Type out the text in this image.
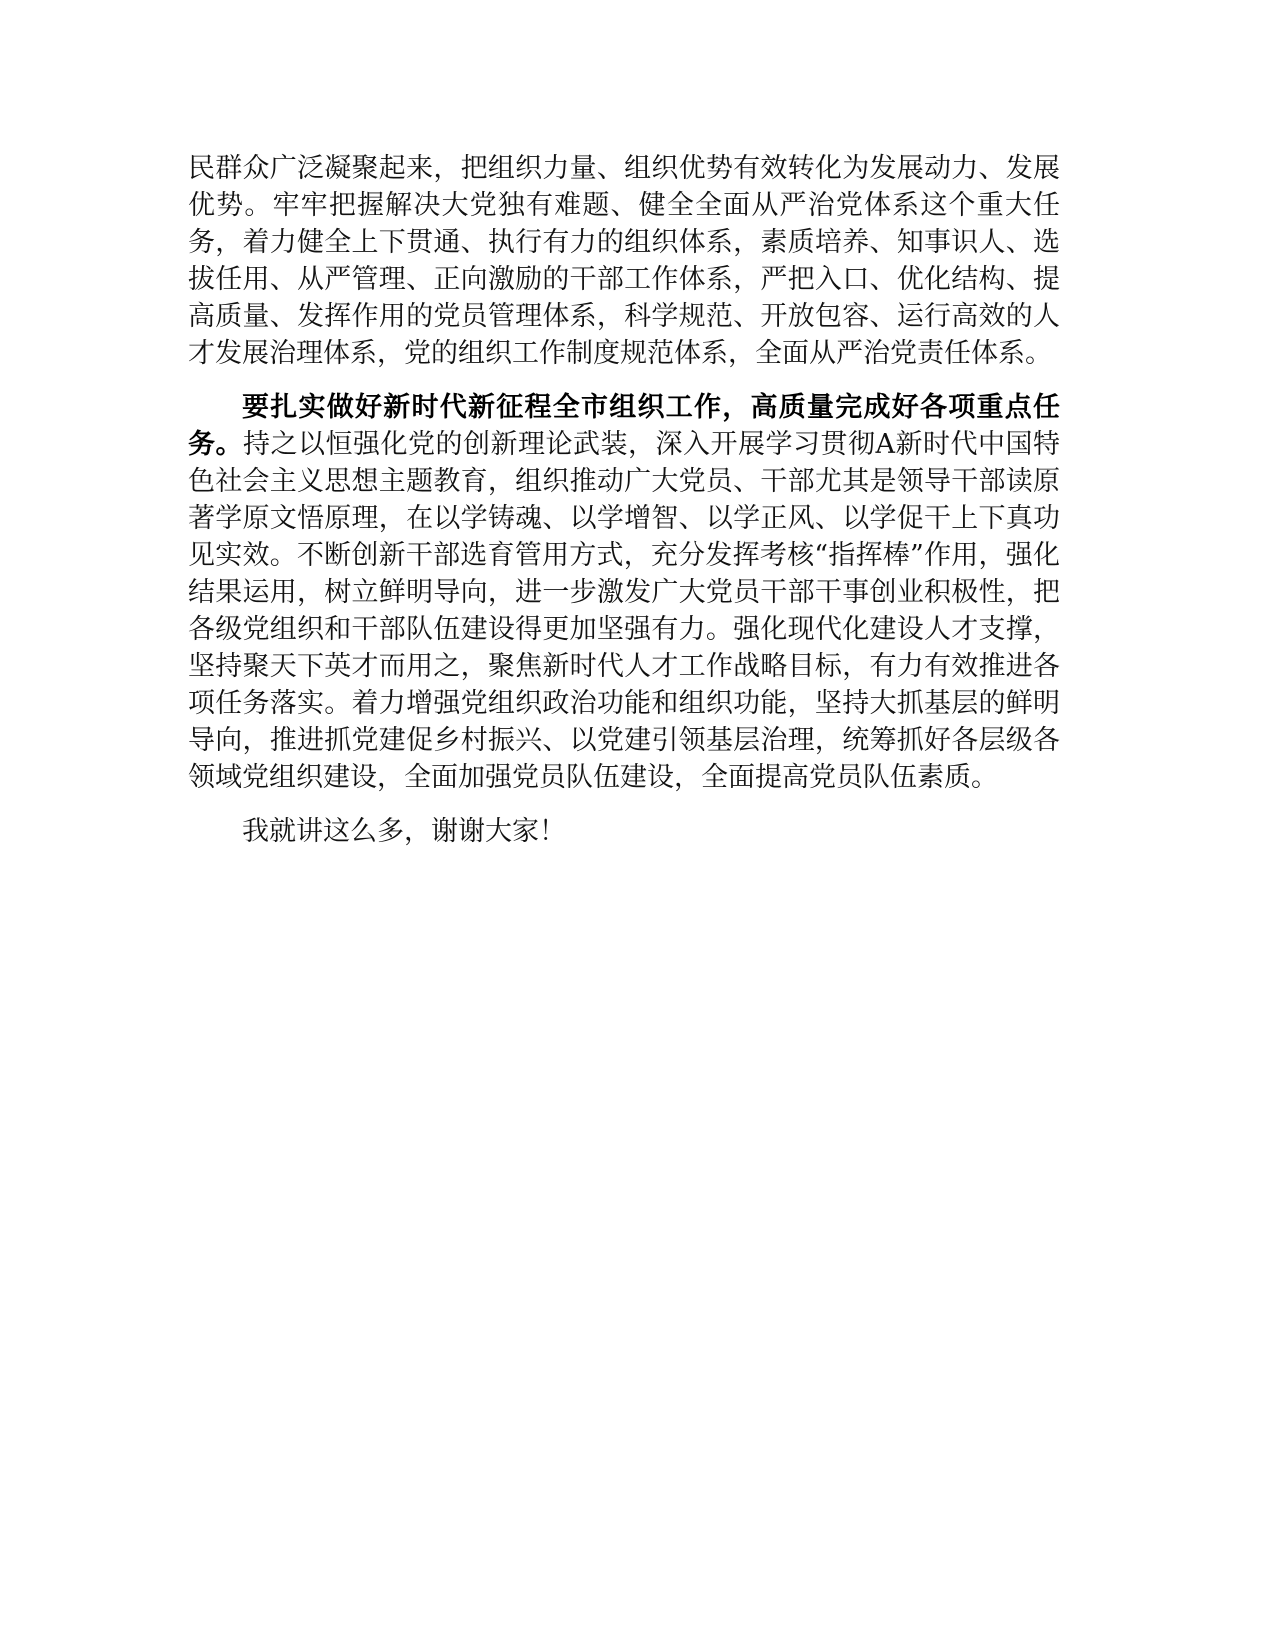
民群众广泛凝聚起来，把组织力量、组织优势有效转化为发展动力、发展优势。牢牢把握解决大党独有难题、健全全面从严治党体系这个重大任务，着力健全上下贯通、执行有力的组织体系，素质培养、知事识人、选拔任用、从严管理、正向激励的干部工作体系，严把入口、优化结构、提高质量、发挥作用的党员管理体系，科学规范、开放包容、运行高效的人才发展治理体系，党的组织工作制度规范体系，全面从严治党责任体系。

要扎实做好新时代新征程全市组织工作，高质量完成好各项重点任务。持之以恒强化党的创新理论武装，深入开展学习贯彻A新时代中国特色社会主义思想主题教育，组织推动广大党员、干部尤其是领导干部读原著学原文悟原理，在以学铸魂、以学增智、以学正风、以学促干上下真功见实效。不断创新干部选育管用方式，充分发挥考核“指挥棒”作用，强化结果运用，树立鲜明导向，进一步激发广大党员干部干事创业积极性，把各级党组织和干部队伍建设得更加坚强有力。强化现代化建设人才支撑，坚持聚天下英才而用之，聚焦新时代人才工作战略目标，有力有效推进各项任务落实。着力增强党组织政治功能和组织功能，坚持大抓基层的鲜明导向，推进抓党建促乡村振兴、以党建引领基层治理，统筹抓好各层级各领域党组织建设，全面加强党员队伍建设，全面提高党员队伍素质。

我就讲这么多，谢谢大家！
